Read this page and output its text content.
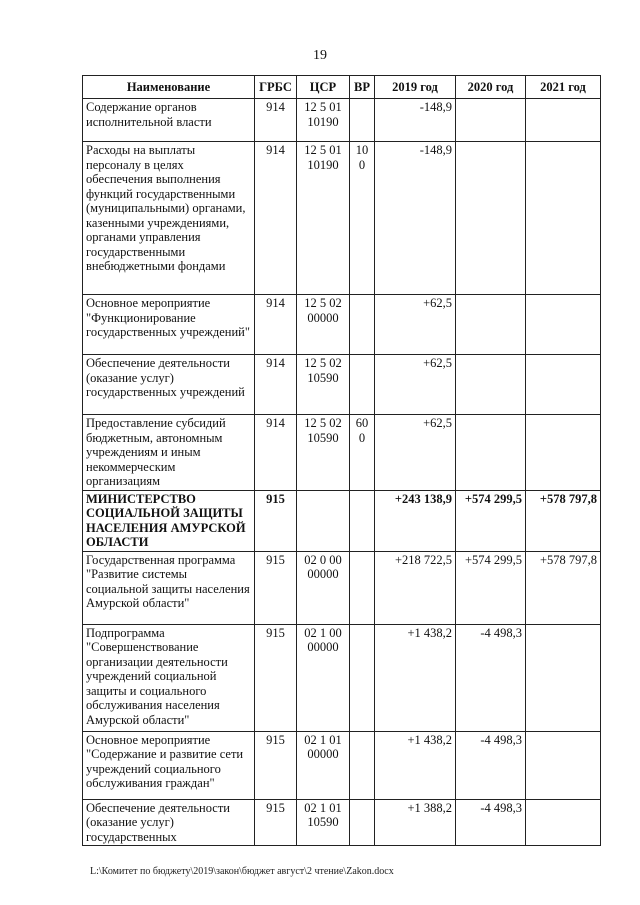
19
Наименование	ГРБС	ЦСР	ВР	2019 год	2020 год	2021 год
Содержание органов исполнительной власти	914	12 5 01 10190		-148,9		
Расходы на выплаты персоналу в целях обеспечения выполнения функций государственными (муниципальными) органами, казенными учреждениями, органами управления государственными внебюджетными фондами	914	12 5 01 10190	100	-148,9		
Основное мероприятие "Функционирование государственных учреждений"	914	12 5 02 00000		+62,5		
Обеспечение деятельности (оказание услуг) государственных учреждений	914	12 5 02 10590		+62,5		
Предоставление субсидий бюджетным, автономным учреждениям и иным некоммерческим организациям	914	12 5 02 10590	600	+62,5		
МИНИСТЕРСТВО СОЦИАЛЬНОЙ ЗАЩИТЫ НАСЕЛЕНИЯ АМУРСКОЙ ОБЛАСТИ	915			+243 138,9	+574 299,5	+578 797,8
Государственная программа "Развитие системы социальной защиты населения Амурской области"	915	02 0 00 00000		+218 722,5	+574 299,5	+578 797,8
Подпрограмма "Совершенствование организации деятельности учреждений социальной защиты и социального обслуживания населения Амурской области"	915	02 1 00 00000		+1 438,2	-4 498,3	
Основное мероприятие "Содержание и развитие сети учреждений социального обслуживания граждан"	915	02 1 01 00000		+1 438,2	-4 498,3	
Обеспечение деятельности (оказание услуг) государственных	915	02 1 01 10590		+1 388,2	-4 498,3	
L:\Комитет по бюджету\2019\закон\бюджет август\2 чтение\Zakon.docx
